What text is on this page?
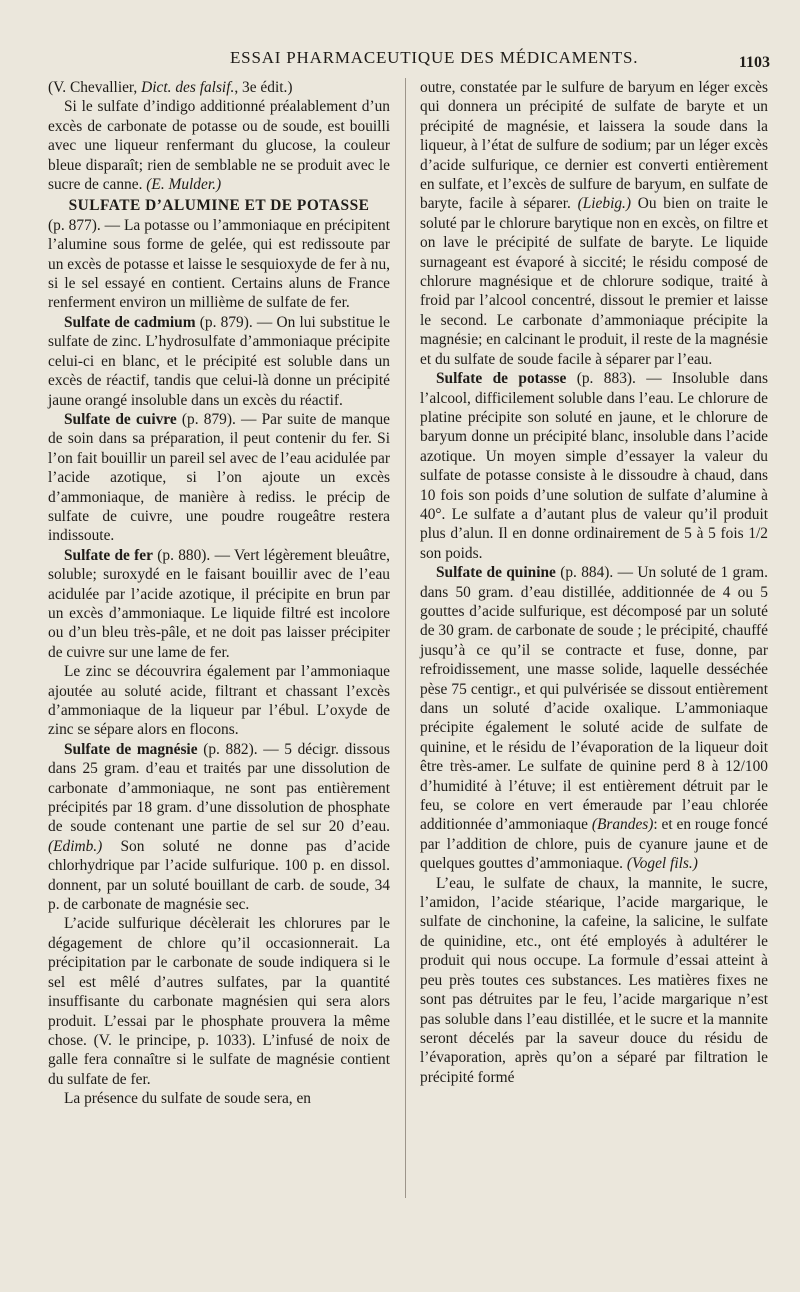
ESSAI PHARMACEUTIQUE DES MÉDICAMENTS.	1103

(V. Chevallier, Dict. des falsif., 3e édit.)

Si le sulfate d’indigo additionné préalablement d’un excès de carbonate de potasse ou de soude, est bouilli avec une liqueur renfermant du glucose, la couleur bleue disparaît; rien de semblable ne se produit avec le sucre de canne. (E. Mulder.)

SULFATE D’ALUMINE ET DE POTASSE

(p. 877). — La potasse ou l’ammoniaque en précipitent l’alumine sous forme de gelée, qui est redissoute par un excès de potasse et laisse le sesquioxyde de fer à nu, si le sel essayé en contient. Certains aluns de France renferment environ un millième de sulfate de fer.

Sulfate de cadmium (p. 879). — On lui substitue le sulfate de zinc. L’hydrosulfate d’ammoniaque précipite celui-ci en blanc, et le précipité est soluble dans un excès de réactif, tandis que celui-là donne un précipité jaune orangé insoluble dans un excès du réactif.

Sulfate de cuivre (p. 879). — Par suite de manque de soin dans sa préparation, il peut contenir du fer. Si l’on fait bouillir un pareil sel avec de l’eau acidulée par l’acide azotique, si l’on ajoute un excès d’ammoniaque, de manière à rediss. le précip de sulfate de cuivre, une poudre rougeâtre restera indissoute.

Sulfate de fer (p. 880). — Vert légèrement bleuâtre, soluble; suroxydé en le faisant bouillir avec de l’eau acidulée par l’acide azotique, il précipite en brun par un excès d’ammoniaque. Le liquide filtré est incolore ou d’un bleu très-pâle, et ne doit pas laisser précipiter de cuivre sur une lame de fer.

Le zinc se découvrira également par l’ammoniaque ajoutée au soluté acide, filtrant et chassant l’excès d’ammoniaque de la liqueur par l’ébul. L’oxyde de zinc se sépare alors en flocons.

Sulfate de magnésie (p. 882). — 5 décigr. dissous dans 25 gram. d’eau et traités par une dissolution de carbonate d’ammoniaque, ne sont pas entièrement précipités par 18 gram. d’une dissolution de phosphate de soude contenant une partie de sel sur 20 d’eau. (Edimb.) Son soluté ne donne pas d’acide chlorhydrique par l’acide sulfurique. 100 p. en dissol. donnent, par un soluté bouillant de carb. de soude, 34 p. de carbonate de magnésie sec.

L’acide sulfurique décèlerait les chlorures par le dégagement de chlore qu’il occasionnerait. La précipitation par le carbonate de soude indiquera si le sel est mêlé d’autres sulfates, par la quantité insuffisante du carbonate magnésien qui sera alors produit. L’essai par le phosphate prouvera la même chose. (V. le principe, p. 1033). L’infusé de noix de galle fera connaître si le sulfate de magnésie contient du sulfate de fer.

La présence du sulfate de soude sera, en

outre, constatée par le sulfure de baryum en léger excès qui donnera un précipité de sulfate de baryte et un précipité de magnésie, et laissera la soude dans la liqueur, à l’état de sulfure de sodium; par un léger excès d’acide sulfurique, ce dernier est converti entièrement en sulfate, et l’excès de sulfure de baryum, en sulfate de baryte, facile à séparer. (Liebig.) Ou bien on traite le soluté par le chlorure barytique non en excès, on filtre et on lave le précipité de sulfate de baryte. Le liquide surnageant est évaporé à siccité; le résidu composé de chlorure magnésique et de chlorure sodique, traité à froid par l’alcool concentré, dissout le premier et laisse le second. Le carbonate d’ammoniaque précipite la magnésie; en calcinant le produit, il reste de la magnésie et du sulfate de soude facile à séparer par l’eau.

Sulfate de potasse (p. 883). — Insoluble dans l’alcool, difficilement soluble dans l’eau. Le chlorure de platine précipite son soluté en jaune, et le chlorure de baryum donne un précipité blanc, insoluble dans l’acide azotique. Un moyen simple d’essayer la valeur du sulfate de potasse consiste à le dissoudre à chaud, dans 10 fois son poids d’une solution de sulfate d’alumine à 40°. Le sulfate a d’autant plus de valeur qu’il produit plus d’alun. Il en donne ordinairement de 5 à 5 fois 1/2 son poids.

Sulfate de quinine (p. 884). — Un soluté de 1 gram. dans 50 gram. d’eau distillée, additionnée de 4 ou 5 gouttes d’acide sulfurique, est décomposé par un soluté de 30 gram. de carbonate de soude ; le précipité, chauffé jusqu’à ce qu’il se contracte et fuse, donne, par refroidissement, une masse solide, laquelle desséchée pèse 75 centigr., et qui pulvérisée se dissout entièrement dans un soluté d’acide oxalique. L’ammoniaque précipite également le soluté acide de sulfate de quinine, et le résidu de l’évaporation de la liqueur doit être très-amer. Le sulfate de quinine perd 8 à 12/100 d’humidité à l’étuve; il est entièrement détruit par le feu, se colore en vert émeraude par l’eau chlorée additionnée d’ammoniaque (Brandes): et en rouge foncé par l’addition de chlore, puis de cyanure jaune et de quelques gouttes d’ammoniaque. (Vogel fils.)

L’eau, le sulfate de chaux, la mannite, le sucre, l’amidon, l’acide stéarique, l’acide margarique, le sulfate de cinchonine, la cafeine, la salicine, le sulfate de quinidine, etc., ont été employés à adultérer le produit qui nous occupe. La formule d’essai atteint à peu près toutes ces substances. Les matières fixes ne sont pas détruites par le feu, l’acide margarique n’est pas soluble dans l’eau distillée, et le sucre et la mannite seront décelés par la saveur douce du résidu de l’évaporation, après qu’on a séparé par filtration le précipité formé
